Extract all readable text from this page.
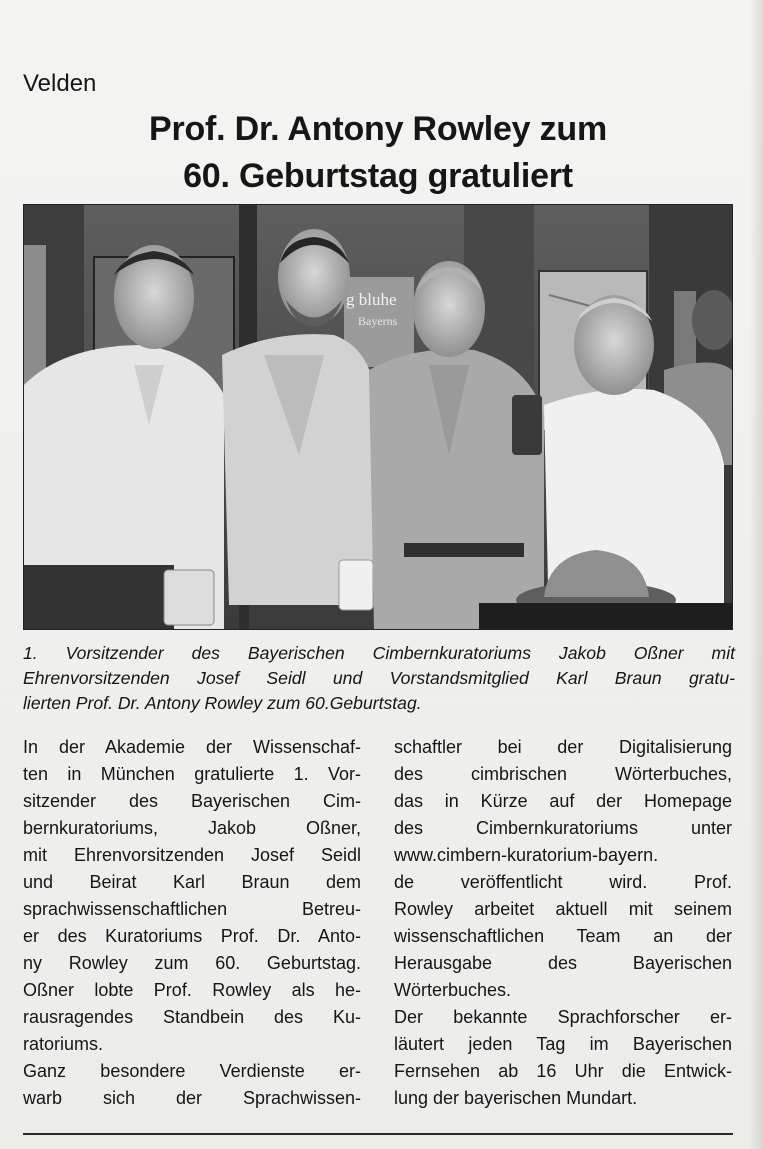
Velden
Prof. Dr. Antony Rowley zum
60. Geburtstag gratuliert
g bluhe
Bayerns
1. Vorsitzender des Bayerischen Cimbernkuratoriums Jakob Oßner mit
Ehrenvorsitzenden Josef Seidl und Vorstandsmitglied Karl Braun gratu-
lierten Prof. Dr. Antony Rowley zum 60.Geburtstag.
In der Akademie der Wissenschaf-
ten in München gratulierte 1. Vor-
sitzender des Bayerischen Cim-
bernkuratoriums, Jakob Oßner,
mit Ehrenvorsitzenden Josef Seidl
und Beirat Karl Braun dem
sprachwissenschaftlichen Betreu-
er des Kuratoriums Prof. Dr. Anto-
ny Rowley zum 60. Geburtstag.
Oßner lobte Prof. Rowley als he-
rausragendes Standbein des Ku-
ratoriums.
Ganz besondere Verdienste er-
warb sich der Sprachwissen-
schaftler bei der Digitalisierung
des cimbrischen Wörterbuches,
das in Kürze auf der Homepage
des Cimbernkuratoriums unter
www.cimbern-kuratorium-bayern.
de veröffentlicht wird. Prof.
Rowley arbeitet aktuell mit seinem
wissenschaftlichen Team an der
Herausgabe des Bayerischen
Wörterbuches.
Der bekannte Sprachforscher er-
läutert jeden Tag im Bayerischen
Fernsehen ab 16 Uhr die Entwick-
lung der bayerischen Mundart.
